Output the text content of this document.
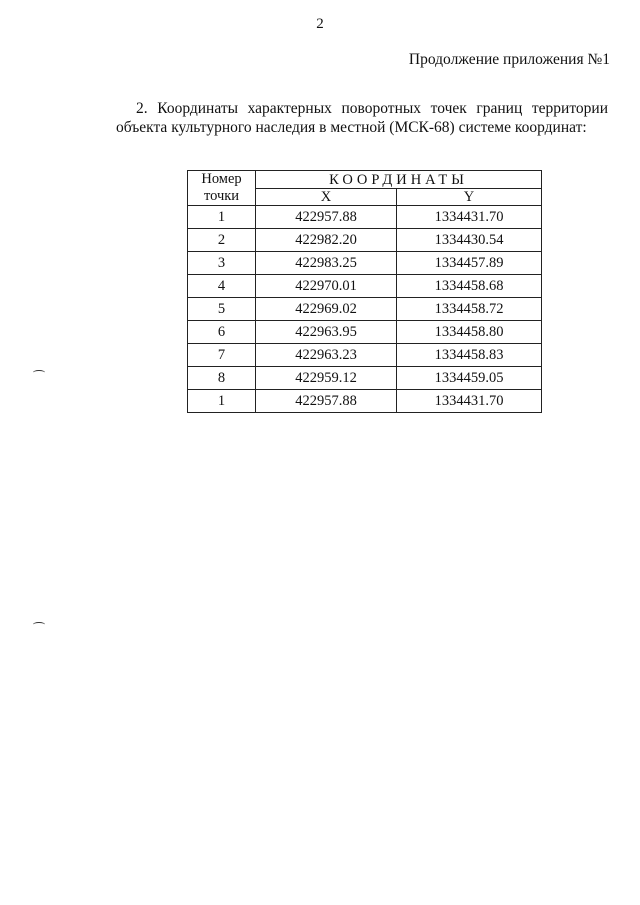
2
Продолжение приложения №1
2. Координаты характерных поворотных точек границ территории объекта культурного наследия в местной (МСК-68) системе координат:
Номер точки	КООРДИНАТЫ	
	X	Y
1	422957.88	1334431.70
2	422982.20	1334430.54
3	422983.25	1334457.89
4	422970.01	1334458.68
5	422969.02	1334458.72
6	422963.95	1334458.80
7	422963.23	1334458.83
8	422959.12	1334459.05
1	422957.88	1334431.70
